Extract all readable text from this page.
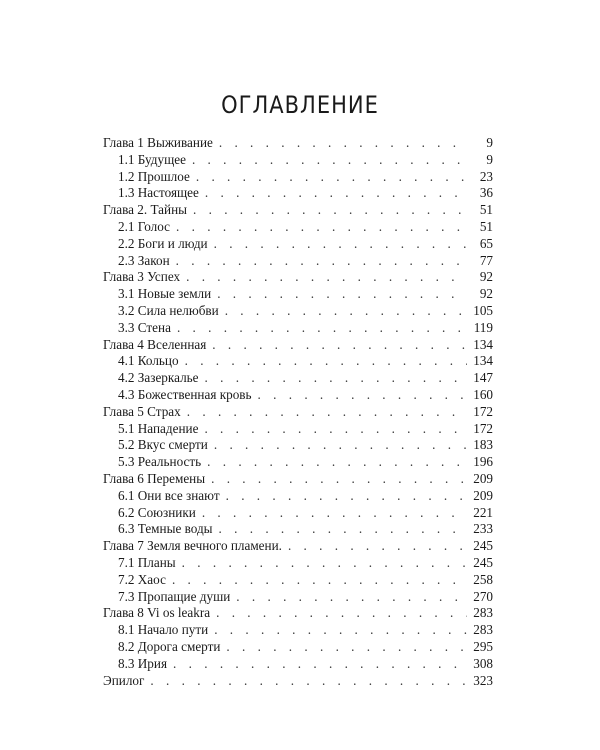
ОГЛАВЛЕНИЕ
Глава 1 Выживание . . .	9
1.1 Будущее . . .	9
1.2 Прошлое . . .	23
1.3 Настоящее . . .	36
Глава 2. Тайны . . .	51
2.1 Голос . . .	51
2.2 Боги и люди . . .	65
2.3 Закон . . .	77
Глава 3 Успех . . .	92
3.1 Новые земли . . .	92
3.2 Сила нелюбви . . .	105
3.3 Стена . . .	119
Глава 4 Вселенная . . .	134
4.1 Кольцо . . .	134
4.2 Зазеркалье . . .	147
4.3 Божественная кровь . . .	160
Глава 5 Страх . . .	172
5.1 Нападение . . .	172
5.2 Вкус смерти . . .	183
5.3 Реальность . . .	196
Глава 6 Перемены . . .	209
6.1 Они все знают . . .	209
6.2 Союзники . . .	221
6.3 Темные воды . . .	233
Глава 7 Земля вечного пламени. . . .	245
7.1 Планы . . .	245
7.2 Хаос . . .	258
7.3 Пропащие души . . .	270
Глава 8 Vi os leakra . . .	283
8.1 Начало пути . . .	283
8.2 Дорога смерти . . .	295
8.3 Ирия . . .	308
Эпилог . . .	323
